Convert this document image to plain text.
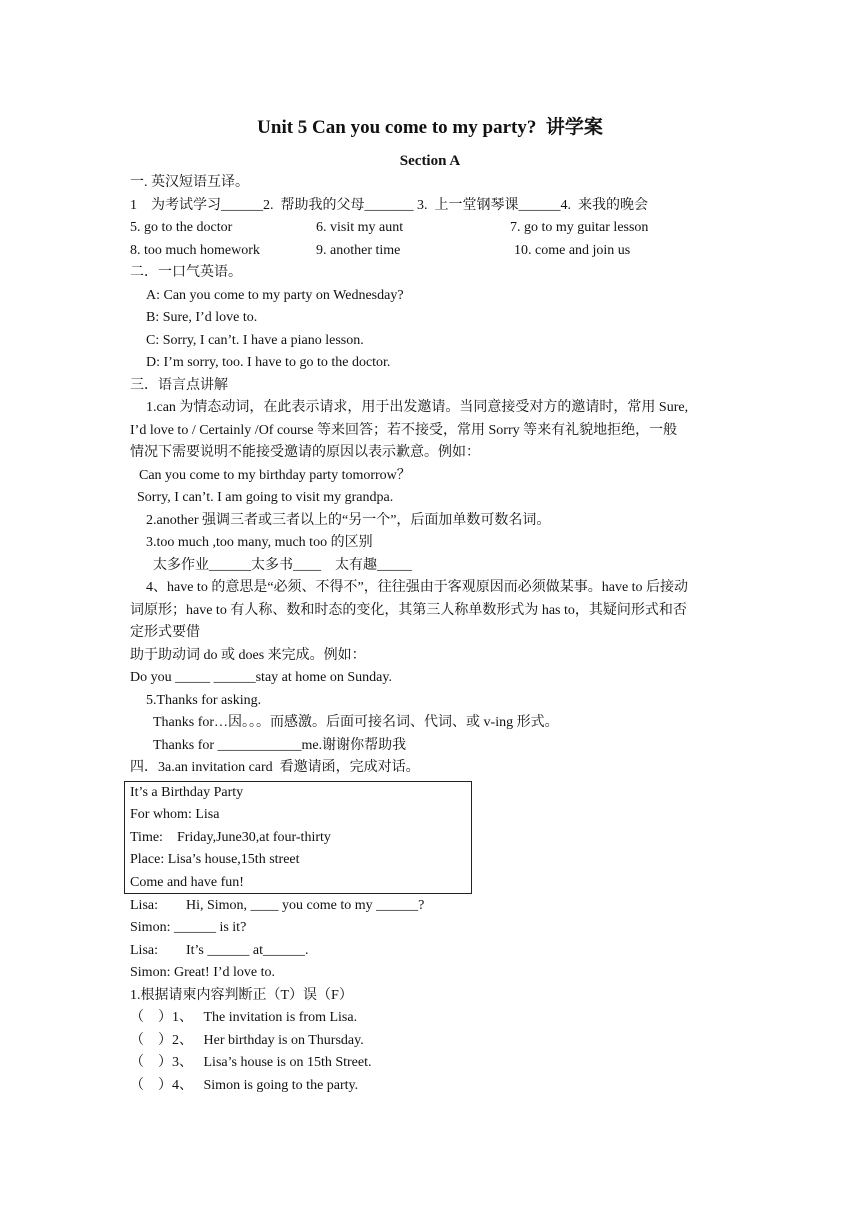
Unit 5 Can you come to my party?  讲学案
Section A
一. 英汉短语互译。
1    为考试学习______2.  帮助我的父母_______ 3.  上一堂钢琴课______4.  来我的晚会
5. go to the doctor	6. visit my aunt	7. go to my guitar lesson
8. too much homework	9. another time	10. come and join us
二．一口气英语。
A: Can you come to my party on Wednesday?
B: Sure, I’d love to.
C: Sorry, I can’t. I have a piano lesson.
D: I’m sorry, too. I have to go to the doctor.
三．语言点讲解
1.can 为情态动词，在此表示请求，用于出发邀请。当同意接受对方的邀请时，常用 Sure,
I’d love to / Certainly /Of course 等来回答；若不接受，常用 Sorry 等来有礼貌地拒绝，一般
情况下需要说明不能接受邀请的原因以表示歉意。例如：
Can you come to my birthday party tomorrow？
Sorry, I can’t. I am going to visit my grandpa.
2.another 强调三者或三者以上的“另一个”，后面加单数可数名词。
3.too much ,too many, much too 的区别
太多作业______太多书____    太有趣_____
4、have to 的意思是“必须、不得不”，往往强由于客观原因而必须做某事。have to 后接动
词原形；have to 有人称、数和时态的变化，其第三人称单数形式为 has to，其疑问形式和否
定形式要借
助于助动词 do 或 does 来完成。例如：
Do you _____ ______stay at home on Sunday.
5.Thanks for asking.
Thanks for…因。。。而感激。后面可接名词、代词、或 v-ing 形式。
Thanks for ____________me.谢谢你帮助我
四．3a.an invitation card  看邀请函，完成对话。
It’s a Birthday Party
For whom: Lisa
Time:    Friday,June30,at four-thirty
Place: Lisa’s house,15th street
Come and have fun!
Lisa:        Hi, Simon, ____ you come to my ______?
Simon: ______ is it?
Lisa:        It’s ______ at______.
Simon: Great! I’d love to.
1.根据请柬内容判断正（T）误（F）
（    ）1、   The invitation is from Lisa.
（    ）2、   Her birthday is on Thursday.
（    ）3、   Lisa’s house is on 15th Street.
（    ）4、   Simon is going to the party.
